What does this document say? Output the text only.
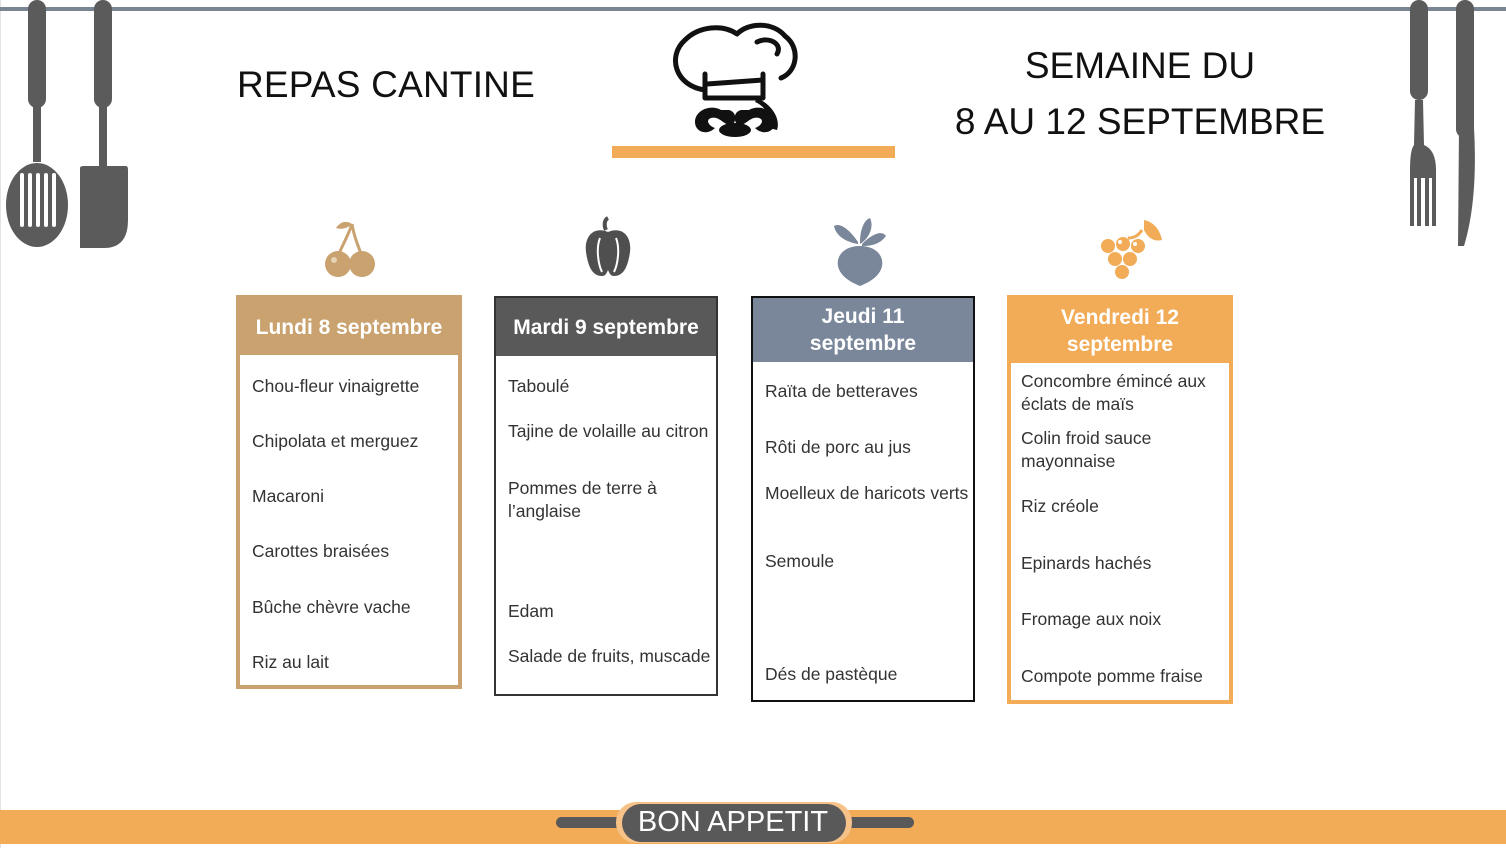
REPAS CANTINE	SEMAINE DU
8 AU 12 SEPTEMBRE
Lundi 8 septembre
Chou-fleur vinaigrette
Chipolata et merguez
Macaroni
Carottes braisées
Bûche chèvre vache
Riz au lait
Mardi 9 septembre
Taboulé
Tajine de volaille au citron
Pommes de terre à l’anglaise
Edam
Salade de fruits, muscade
Jeudi 11 septembre
Raïta de betteraves
Rôti de porc au jus
Moelleux de haricots verts
Semoule
Dés de pastèque
Vendredi 12 septembre
Concombre émincé aux éclats de maïs
Colin froid sauce mayonnaise
Riz créole
Epinards hachés
Fromage aux noix
Compote pomme fraise
BON APPETIT
